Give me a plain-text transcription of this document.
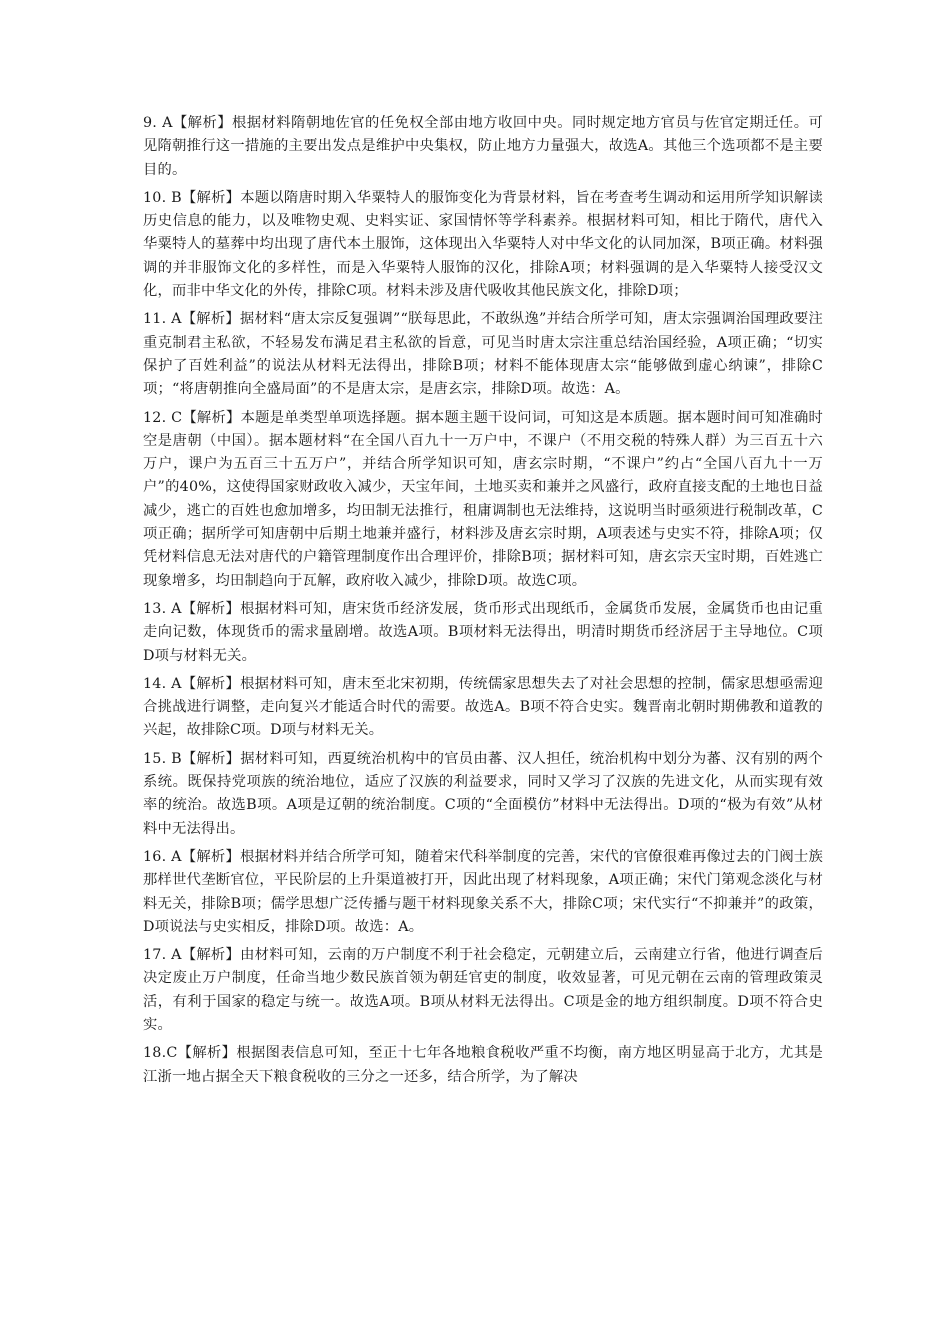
9. A【解析】根据材料隋朝地佐官的任免权全部由地方收回中央。同时规定地方官员与佐官定期迁任。可见隋朝推行这一措施的主要出发点是维护中央集权，防止地方力量强大，故选A。其他三个选项都不是主要目的。

10. B【解析】本题以隋唐时期入华粟特人的服饰变化为背景材料，旨在考查考生调动和运用所学知识解读历史信息的能力，以及唯物史观、史料实证、家国情怀等学科素养。根据材料可知，相比于隋代，唐代入华粟特人的墓葬中均出现了唐代本土服饰，这体现出入华粟特人对中华文化的认同加深，B项正确。材料强调的并非服饰文化的多样性，而是入华粟特人服饰的汉化，排除A项；材料强调的是入华粟特人接受汉文化，而非中华文化的外传，排除C项。材料未涉及唐代吸收其他民族文化，排除D项；

11. A【解析】据材料“唐太宗反复强调”“朕每思此，不敢纵逸”并结合所学可知，唐太宗强调治国理政要注重克制君主私欲，不轻易发布满足君主私欲的旨意，可见当时唐太宗注重总结治国经验，A项正确；“切实保护了百姓利益”的说法从材料无法得出，排除B项；材料不能体现唐太宗“能够做到虚心纳谏”，排除C项；“将唐朝推向全盛局面”的不是唐太宗，是唐玄宗，排除D项。故选：A。

12. C【解析】本题是单类型单项选择题。据本题主题干设问词，可知这是本质题。据本题时间可知准确时空是唐朝（中国）。据本题材料“在全国八百九十一万户中，不课户（不用交税的特殊人群）为三百五十六万户，课户为五百三十五万户”，并结合所学知识可知，唐玄宗时期，“不课户”约占“全国八百九十一万户”的40%，这使得国家财政收入减少，天宝年间，土地买卖和兼并之风盛行，政府直接支配的土地也日益减少，逃亡的百姓也愈加增多，均田制无法推行，租庸调制也无法维持，这说明当时亟须进行税制改革，C项正确；据所学可知唐朝中后期土地兼并盛行，材料涉及唐玄宗时期，A项表述与史实不符，排除A项；仅凭材料信息无法对唐代的户籍管理制度作出合理评价，排除B项；据材料可知，唐玄宗天宝时期，百姓逃亡现象增多，均田制趋向于瓦解，政府收入减少，排除D项。故选C项。

13. A【解析】根据材料可知，唐宋货币经济发展，货币形式出现纸币，金属货币发展，金属货币也由记重走向记数，体现货币的需求量剧增。故选A项。B项材料无法得出，明清时期货币经济居于主导地位。C项D项与材料无关。

14. A【解析】根据材料可知，唐末至北宋初期，传统儒家思想失去了对社会思想的控制，儒家思想亟需迎合挑战进行调整，走向复兴才能适合时代的需要。故选A。B项不符合史实。魏晋南北朝时期佛教和道教的兴起，故排除C项。D项与材料无关。

15. B【解析】据材料可知，西夏统治机构中的官员由蕃、汉人担任，统治机构中划分为蕃、汉有别的两个系统。既保持党项族的统治地位，适应了汉族的利益要求，同时又学习了汉族的先进文化，从而实现有效率的统治。故选B项。A项是辽朝的统治制度。C项的“全面模仿”材料中无法得出。D项的“极为有效”从材料中无法得出。

16. A【解析】根据材料并结合所学可知，随着宋代科举制度的完善，宋代的官僚很难再像过去的门阀士族那样世代垄断官位，平民阶层的上升渠道被打开，因此出现了材料现象，A项正确；宋代门第观念淡化与材料无关，排除B项；儒学思想广泛传播与题干材料现象关系不大，排除C项；宋代实行“不抑兼并”的政策，D项说法与史实相反，排除D项。故选：A。

17. A【解析】由材料可知，云南的万户制度不利于社会稳定，元朝建立后，云南建立行省，他进行调查后决定废止万户制度，任命当地少数民族首领为朝廷官吏的制度，收效显著，可见元朝在云南的管理政策灵活，有利于国家的稳定与统一。故选A项。B项从材料无法得出。C项是金的地方组织制度。D项不符合史实。

18.C【解析】根据图表信息可知，至正十七年各地粮食税收严重不均衡，南方地区明显高于北方，尤其是江浙一地占据全天下粮食税收的三分之一还多，结合所学，为了解决
